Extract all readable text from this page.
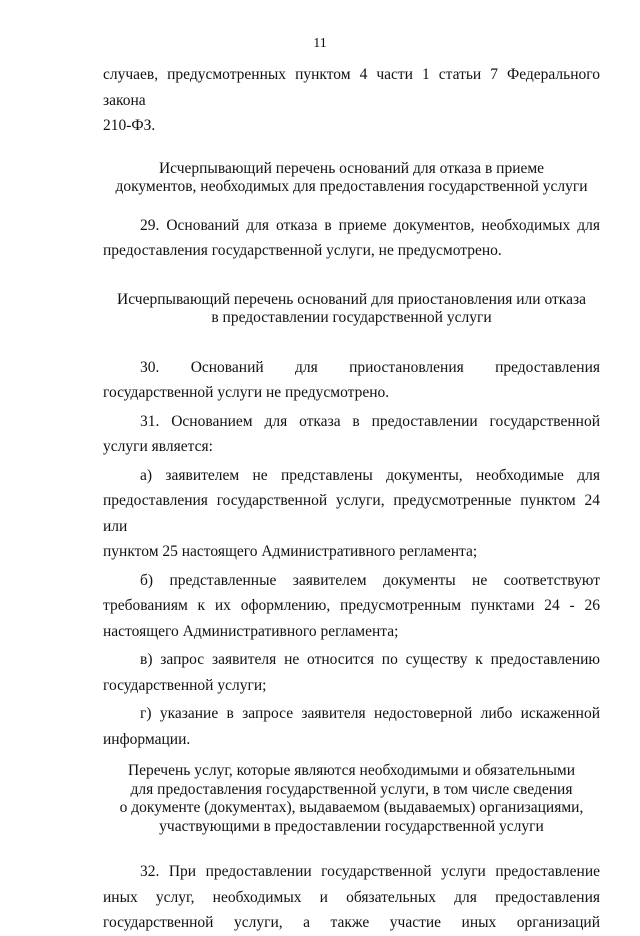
11

случаев, предусмотренных пунктом 4 части 1 статьи 7 Федерального закона

210-ФЗ.

Исчерпывающий перечень оснований для отказа в приеме

документов, необходимых для предоставления государственной услуги

29. Оснований для отказа в приеме документов, необходимых для

предоставления государственной услуги, не предусмотрено.

Исчерпывающий перечень оснований для приостановления или отказа

в предоставлении государственной услуги

30. Оснований для приостановления предоставления

государственной услуги не предусмотрено.

31. Основанием для отказа в предоставлении государственной

услуги является:

а) заявителем не представлены документы, необходимые для

предоставления государственной услуги, предусмотренные пунктом 24 или

пунктом 25 настоящего Административного регламента;

б) представленные заявителем документы не соответствуют

требованиям к их оформлению, предусмотренным пунктами 24 - 26

настоящего Административного регламента;

в) запрос заявителя не относится по существу к предоставлению

государственной услуги;

г) указание в запросе заявителя недостоверной либо искаженной

информации.

Перечень услуг, которые являются необходимыми и обязательными

для предоставления государственной услуги, в том числе сведения

о документе (документах), выдаваемом (выдаваемых) организациями,

участвующими в предоставлении государственной услуги

32. При предоставлении государственной услуги предоставление

иных услуг, необходимых и обязательных для предоставления

государственной услуги, а также участие иных организаций
